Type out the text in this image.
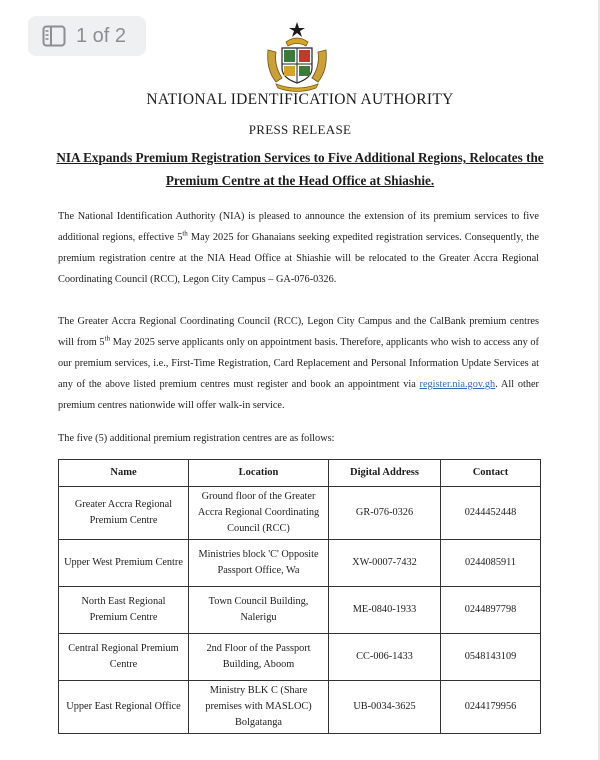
1 of 2
NATIONAL IDENTIFICATION AUTHORITY
PRESS RELEASE
NIA Expands Premium Registration Services to Five Additional Regions, Relocates the Premium Centre at the Head Office at Shiashie.
The National Identification Authority (NIA) is pleased to announce the extension of its premium services to five additional regions, effective 5th May 2025 for Ghanaians seeking expedited registration services. Consequently, the premium registration centre at the NIA Head Office at Shiashie will be relocated to the Greater Accra Regional Coordinating Council (RCC), Legon City Campus – GA-076-0326.
The Greater Accra Regional Coordinating Council (RCC), Legon City Campus and the CalBank premium centres will from 5th May 2025 serve applicants only on appointment basis. Therefore, applicants who wish to access any of our premium services, i.e., First-Time Registration, Card Replacement and Personal Information Update Services at any of the above listed premium centres must register and book an appointment via register.nia.gov.gh. All other premium centres nationwide will offer walk-in service.
The five (5) additional premium registration centres are as follows:
Name	Location	Digital Address	Contact
Greater Accra Regional Premium Centre	Ground floor of the Greater Accra Regional Coordinating Council (RCC)	GR-076-0326	0244452448
Upper West Premium Centre	Ministries block 'C' Opposite Passport Office, Wa	XW-0007-7432	0244085911
North East Regional Premium Centre	Town Council Building, Nalerigu	ME-0840-1933	0244897798
Central Regional Premium Centre	2nd Floor of the Passport Building, Aboom	CC-006-1433	0548143109
Upper East Regional Office	Ministry BLK C (Share premises with MASLOC) Bolgatanga	UB-0034-3625	0244179956
